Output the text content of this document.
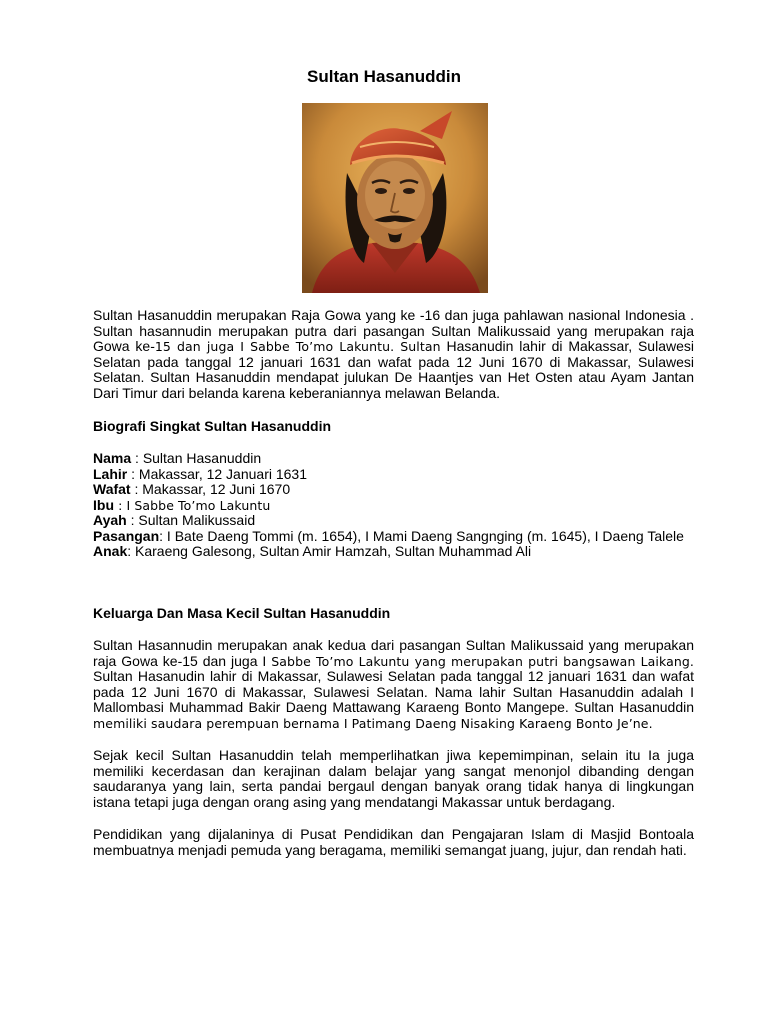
Sultan Hasanuddin
Sultan Hasanuddin merupakan Raja Gowa yang ke -16 dan juga pahlawan nasional Indonesia . Sultan hasannudin merupakan putra dari pasangan Sultan Malikussaid yang merupakan raja Gowa ke-15 dan juga I Sabbe To’mo Lakuntu. Sultan Hasanudin lahir di Makassar, Sulawesi Selatan pada tanggal 12 januari 1631 dan wafat pada 12 Juni 1670 di Makassar, Sulawesi Selatan. Sultan Hasanuddin mendapat julukan De Haantjes van Het Osten atau Ayam Jantan Dari Timur dari belanda karena keberaniannya melawan Belanda.
Biografi Singkat Sultan Hasanuddin

Nama : Sultan Hasanuddin

Lahir : Makassar, 12 Januari 1631

Wafat : Makassar, 12 Juni 1670

Ibu : I Sabbe To’mo Lakuntu

Ayah : Sultan Malikussaid

Pasangan: I Bate Daeng Tommi (m. 1654), I Mami Daeng Sangnging (m. 1645), I Daeng Talele

Anak: Karaeng Galesong, Sultan Amir Hamzah, Sultan Muhammad Ali

Keluarga Dan Masa Kecil Sultan Hasanuddin
Sultan Hasannudin merupakan anak kedua dari pasangan Sultan Malikussaid yang merupakan raja Gowa ke-15 dan juga I Sabbe To’mo Lakuntu yang merupakan putri bangsawan Laikang. Sultan Hasanudin lahir di Makassar, Sulawesi Selatan pada tanggal 12 januari 1631 dan wafat pada 12 Juni 1670 di Makassar, Sulawesi Selatan. Nama lahir Sultan Hasanuddin adalah I Mallombasi Muhammad Bakir Daeng Mattawang Karaeng Bonto Mangepe. Sultan Hasanuddin memiliki saudara perempuan bernama I Patimang Daeng Nisaking Karaeng Bonto Je’ne.
Sejak kecil Sultan Hasanuddin telah memperlihatkan jiwa kepemimpinan, selain itu Ia juga memiliki kecerdasan dan kerajinan dalam belajar yang sangat menonjol dibanding dengan saudaranya yang lain, serta pandai bergaul dengan banyak orang tidak hanya di lingkungan istana tetapi juga dengan orang asing yang mendatangi Makassar untuk berdagang.
Pendidikan yang dijalaninya di Pusat Pendidikan dan Pengajaran Islam di Masjid Bontoala membuatnya menjadi pemuda yang beragama, memiliki semangat juang, jujur, dan rendah hati.
